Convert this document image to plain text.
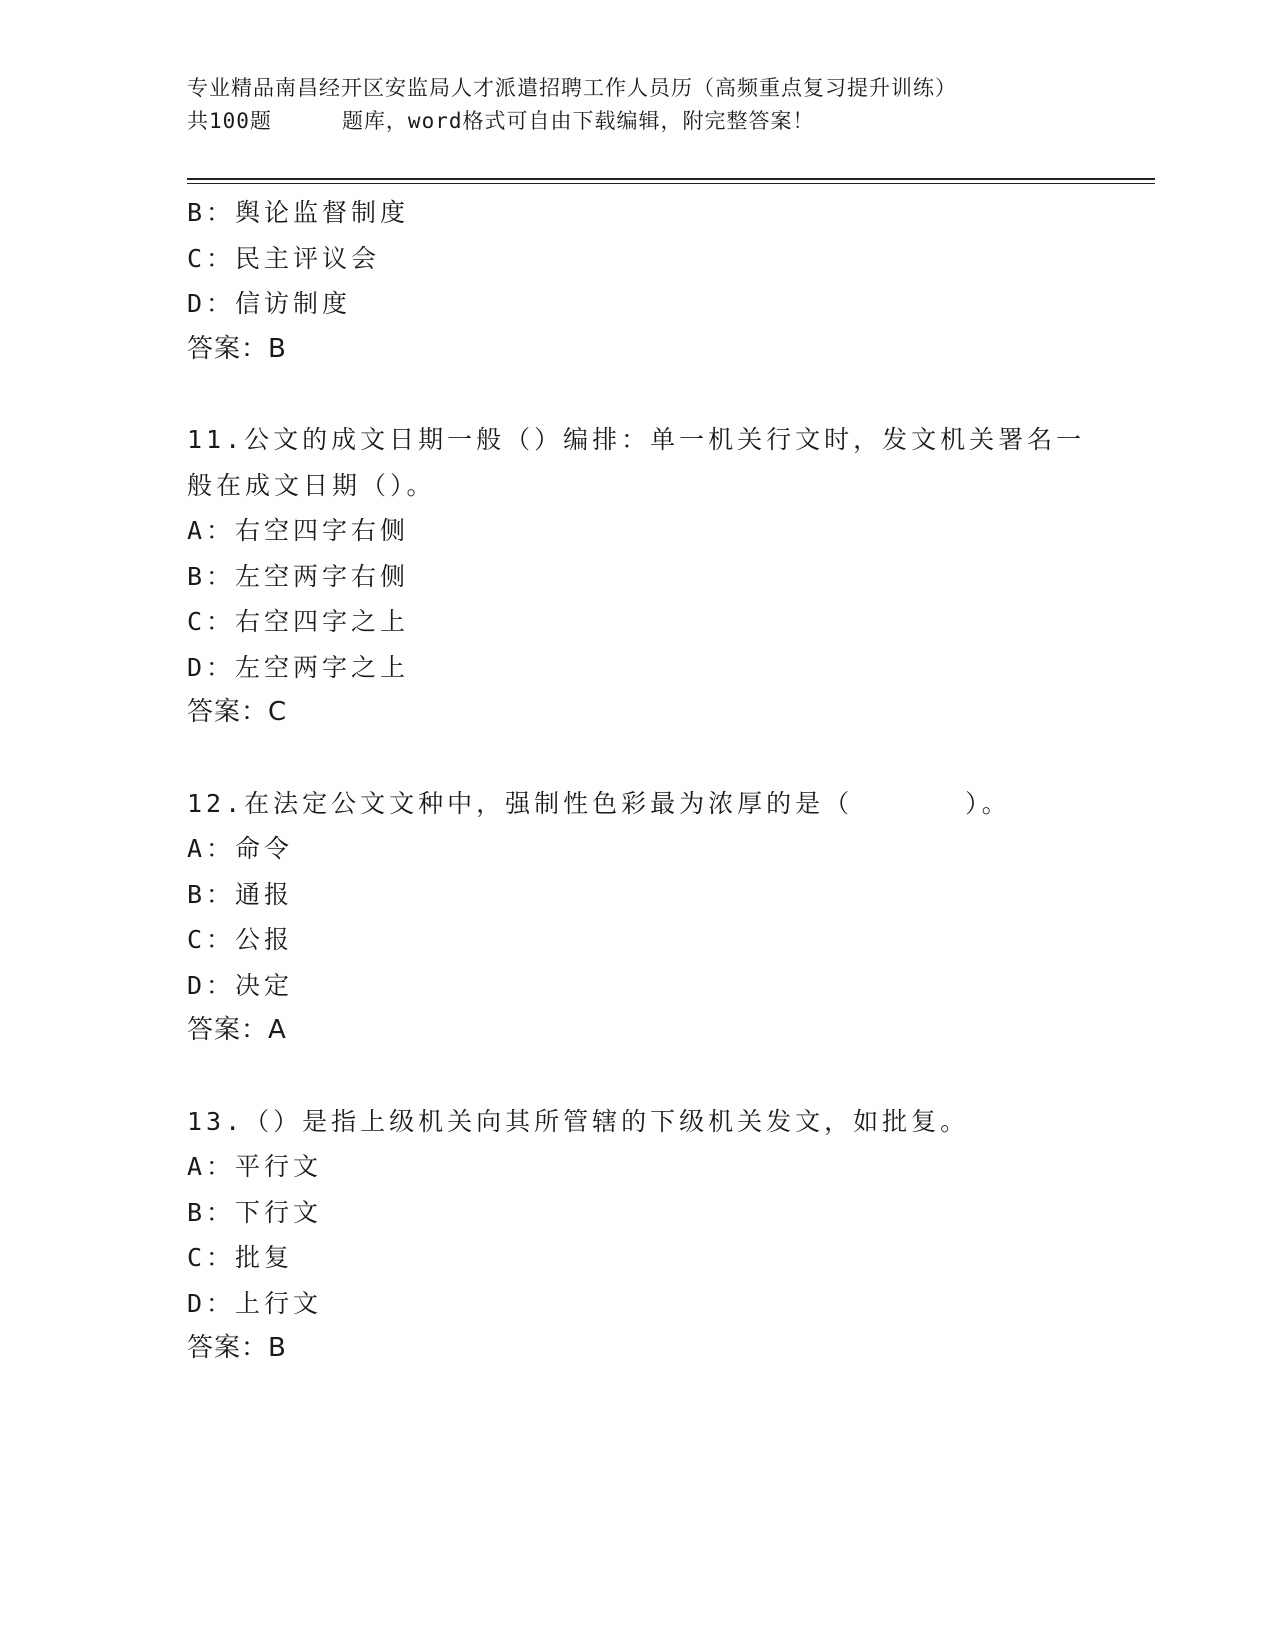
专业精品南昌经开区安监局人才派遣招聘工作人员历（高频重点复习提升训练）
共100题	题库，word格式可自由下载编辑，附完整答案！
B：舆论监督制度
C：民主评议会
D：信访制度
答案：B
11.公文的成文日期一般（）编排：单一机关行文时，发文机关署名一
般在成文日期（）。
A：右空四字右侧
B：左空两字右侧
C：右空四字之上
D：左空两字之上
答案：C
12.在法定公文文种中，强制性色彩最为浓厚的是（	）。
A：命令
B：通报
C：公报
D：决定
答案：A
13.（）是指上级机关向其所管辖的下级机关发文，如批复。
A：平行文
B：下行文
C：批复
D：上行文
答案：B
